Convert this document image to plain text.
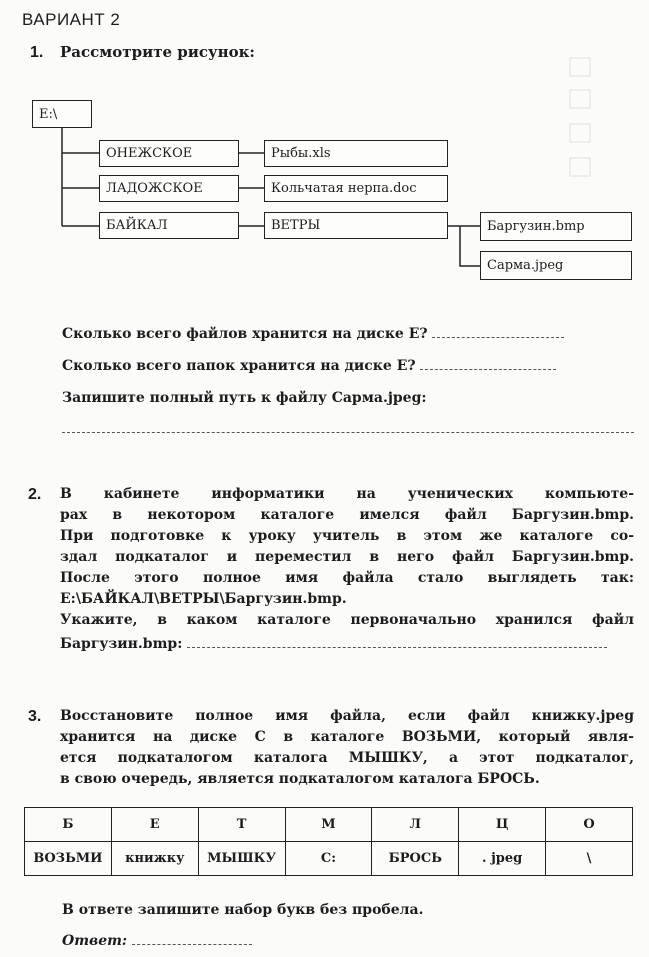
ВАРИАНТ 2
1. Рассмотрите рисунок:
E:\
ОНЕЖСКОЕ
ЛАДОЖСКОЕ
БАЙКАЛ
Рыбы.xls
Кольчатая нерпа.doc
ВЕТРЫ	Баргузин.bmp
Сарма.jpeg
Сколько всего файлов хранится на диске Е?
Сколько всего папок хранится на диске Е?
Запишите полный путь к файлу Сарма.jpeg:
2. В кабинете информатики на ученических компьюте-
рах в некотором каталоге имелся файл Баргузин.bmp.
При подготовке к уроку учитель в этом же каталоге со-
здал подкаталог и переместил в него файл Баргузин.bmp.
После этого полное имя файла стало выглядеть так:
E:\БАЙКАЛ\ВЕТРЫ\Баргузин.bmp.
Укажите, в каком каталоге первоначально хранился файл
Баргузин.bmp:
3. Восстановите полное имя файла, если файл книжку.jpeg
хранится на диске С в каталоге ВОЗЬМИ, который явля-
ется подкаталогом каталога МЫШКУ, а этот подкаталог,
в свою очередь, является подкаталогом каталога БРОСЬ.
Б	Е	Т	М	Л	Ц	О
ВОЗЬМИ	книжку	МЫШКУ	С:	БРОСЬ	. jpeg	\
В ответе запишите набор букв без пробела.
Ответ:
